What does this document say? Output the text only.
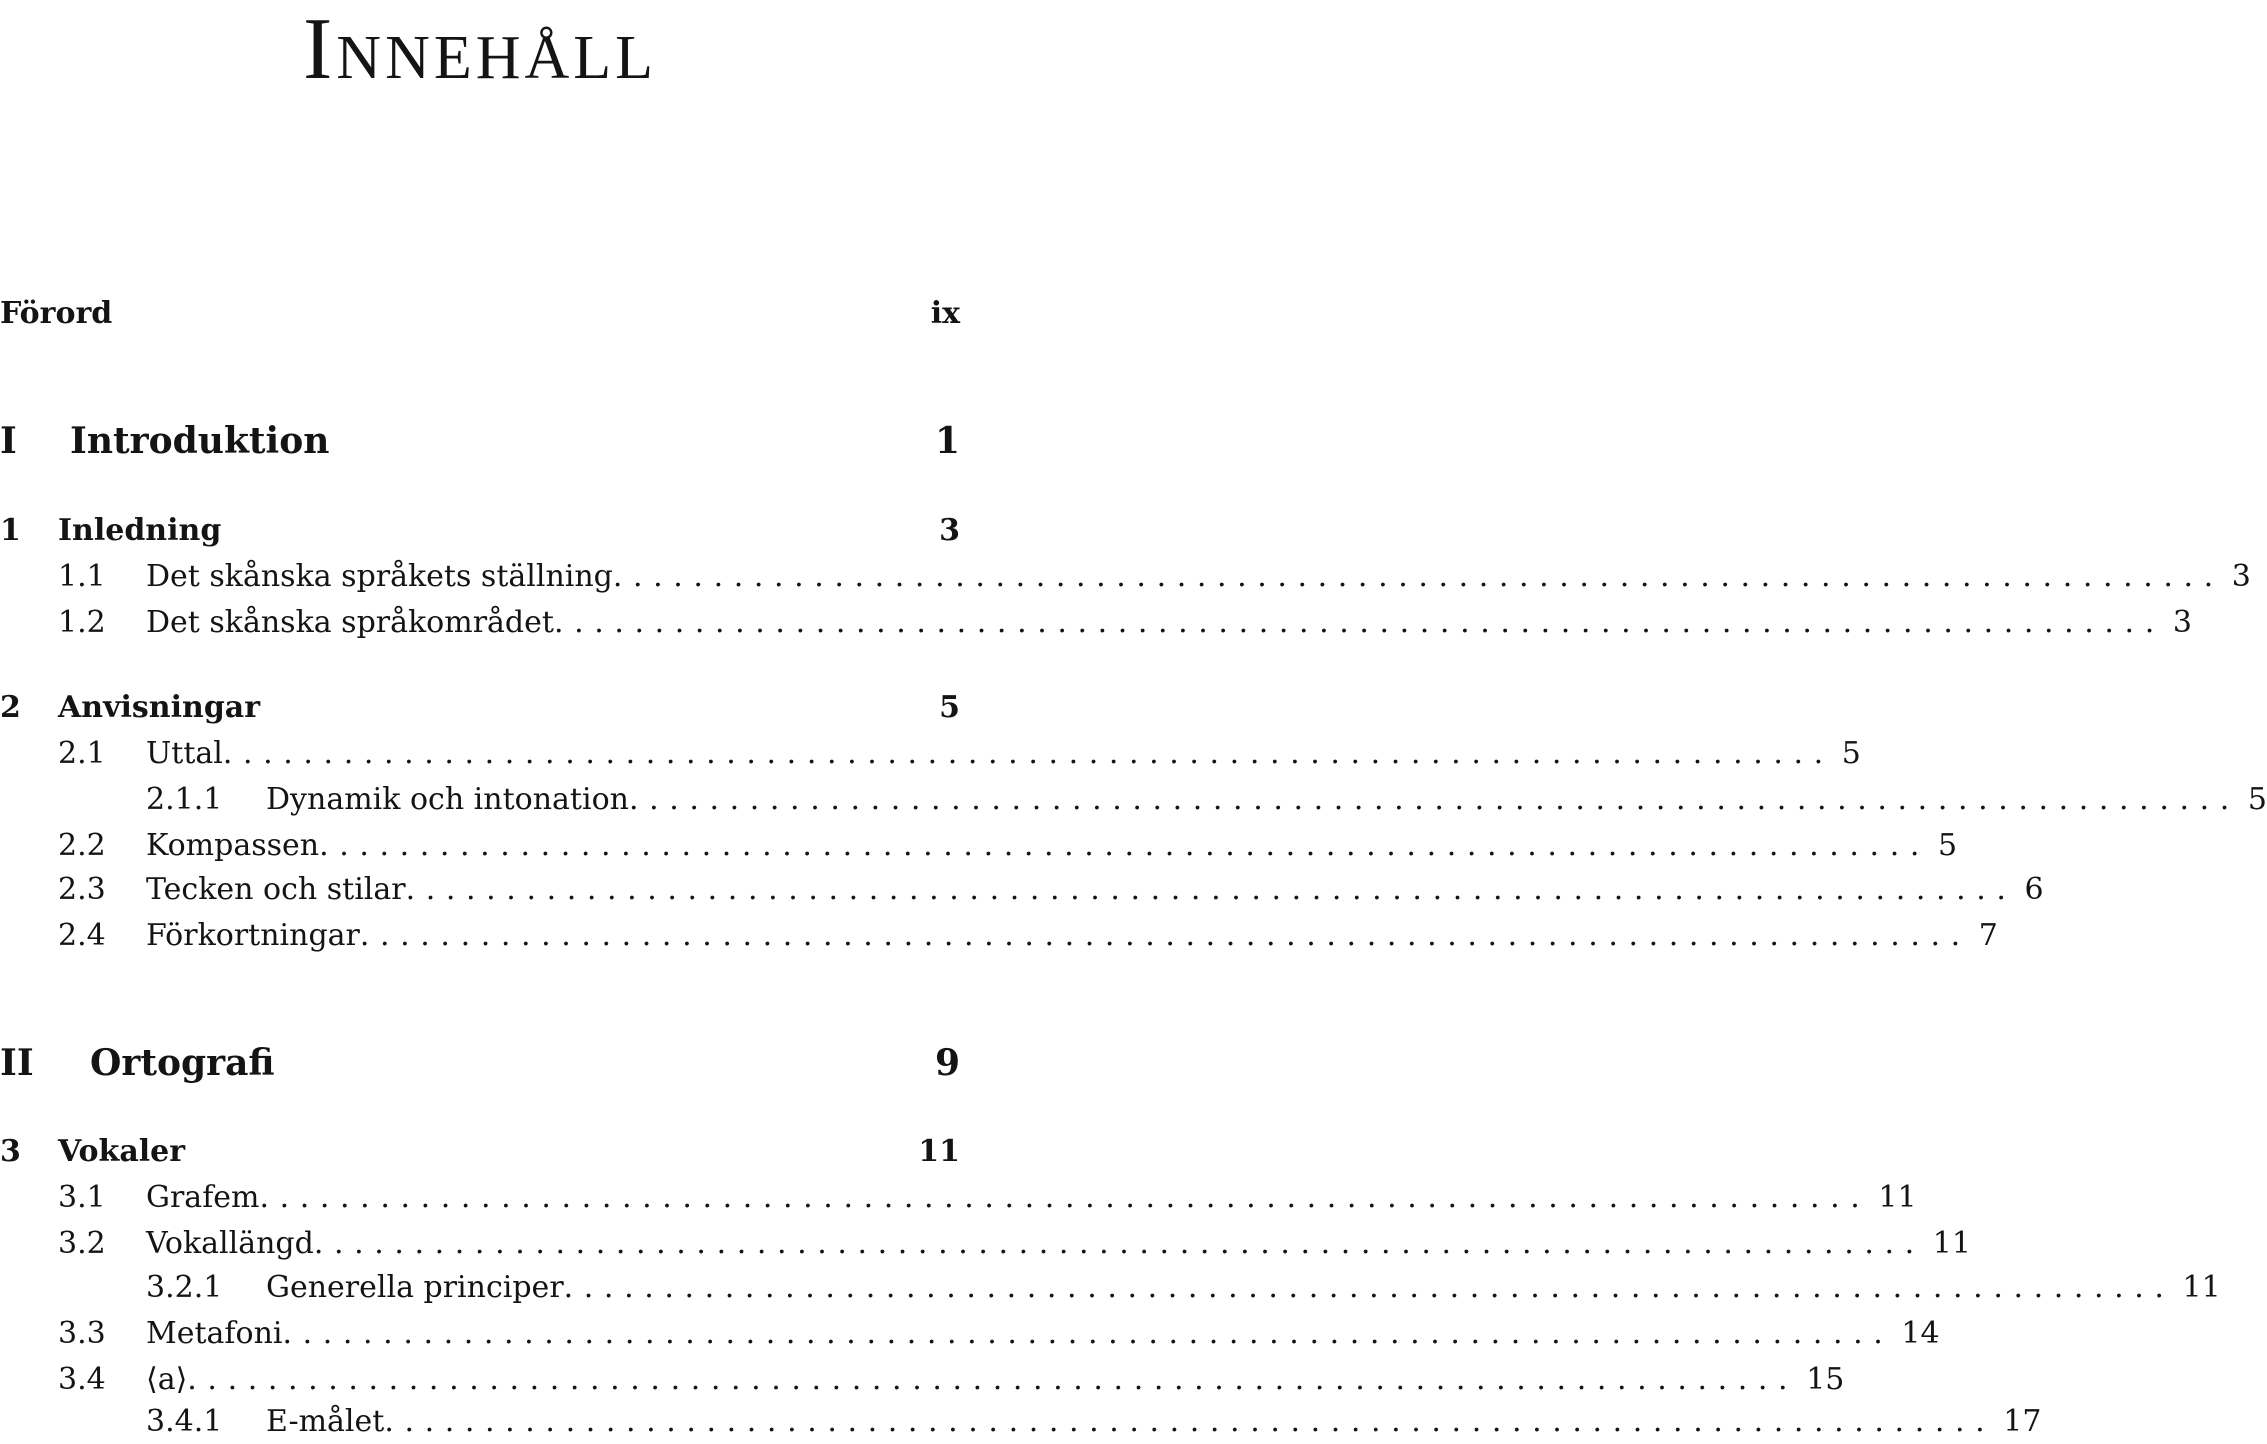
Innehåll
Förord	ix
I	Introduktion	1
1	Inledning	3
1.1	Det skånska språkets ställning ................................................................................ 3
1.2	Det skånska språkområdet ................................................................................ 3
2	Anvisningar	5
2.1	Uttal ................................................................................ 5
2.1.1	Dynamik och intonation ................................................................................ 5
2.2	Kompassen ................................................................................ 5
2.3	Tecken och stilar ................................................................................ 6
2.4	Förkortningar ................................................................................ 7
II	Ortografi	9
3	Vokaler	11
3.1	Grafem ................................................................................ 11
3.2	Vokallängd ................................................................................ 11
3.2.1	Generella principer ................................................................................ 11
3.3	Metafoni ................................................................................ 14
3.4	⟨a⟩ ................................................................................ 15
3.4.1	E-målet ................................................................................ 17
